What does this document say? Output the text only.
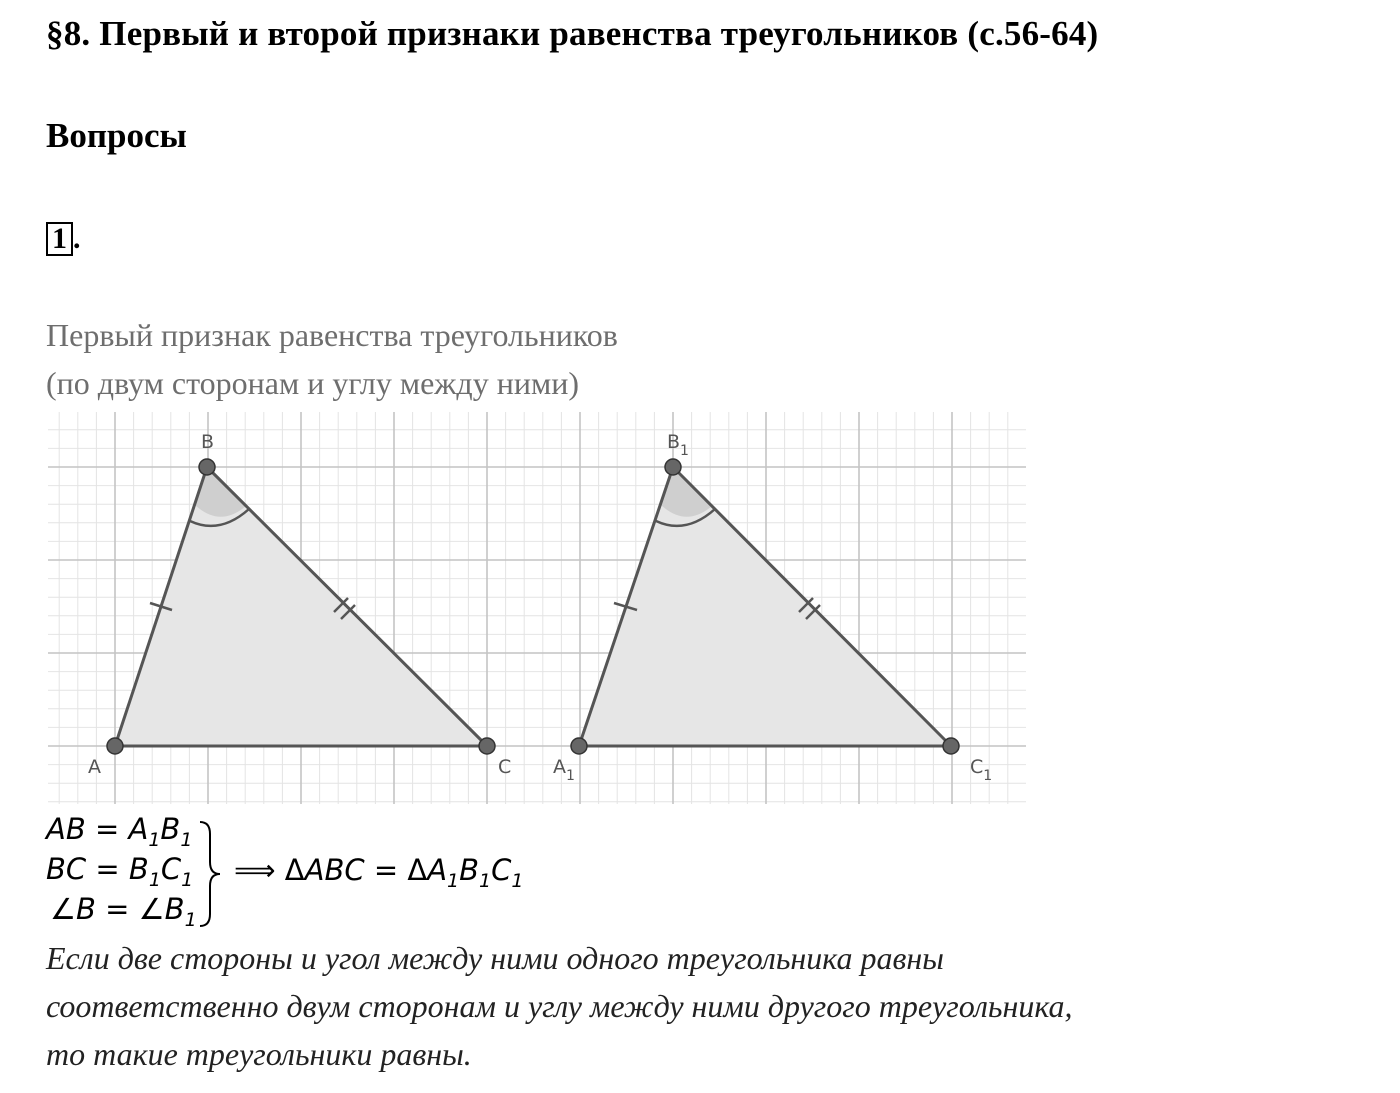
§8. Первый и второй признаки равенства треугольников (с.56-64)
Вопросы
1 .
Первый признак равенства треугольников
(по двум сторонам и углу между ними)
A
B
C $A_1$
$B_1$
$C_1$
AB = $A_1B_1$
BC = $B_1C_1$
∠B = $\angle B_1$
⟹ $\Delta ABC = \Delta A_1B_1C_1$
Если две стороны и угол между ними одного треугольника равны
соответственно двум сторонам и углу между ними другого треугольника,
то такие треугольники равны.
